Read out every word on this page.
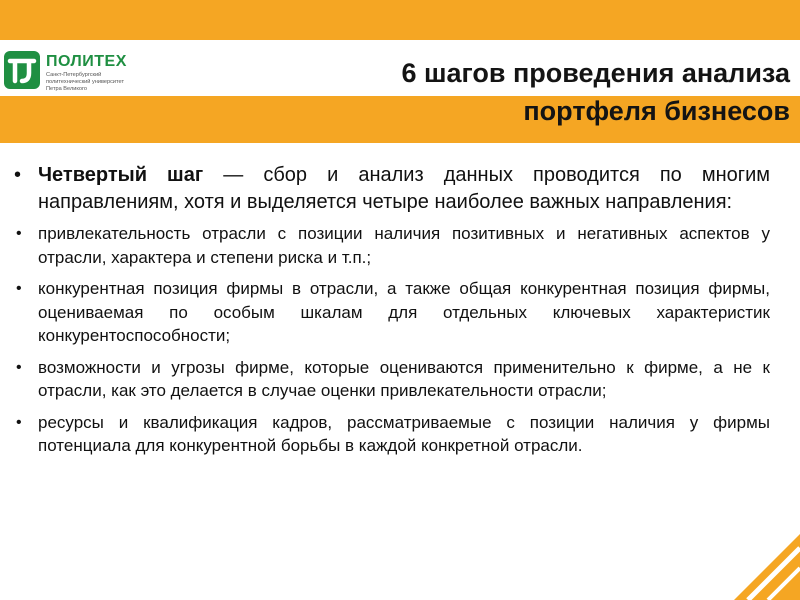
ПОЛИТЕХ
Санкт-Петербургский
политехнический университет
Петра Великого
6 шагов проведения анализа
портфеля бизнесов
• Четвертый шаг — сбор и анализ данных проводится по многим направлениям, хотя и выделяется четыре наиболее важных направления:
• привлекательность отрасли с позиции наличия позитивных и негативных аспектов у отрасли, характера и степени риска и т.п.;
• конкурентная позиция фирмы в отрасли, а также общая конкурентная позиция фирмы, оцениваемая по особым шкалам для отдельных ключевых характеристик конкурентоспособности;
• возможности и угрозы фирме, которые оцениваются применительно к фирме, а не к отрасли, как это делается в случае оценки привлекательности отрасли;
• ресурсы и квалификация кадров, рассматриваемые с позиции наличия у фирмы потенциала для конкурентной борьбы в каждой конкретной отрасли.
